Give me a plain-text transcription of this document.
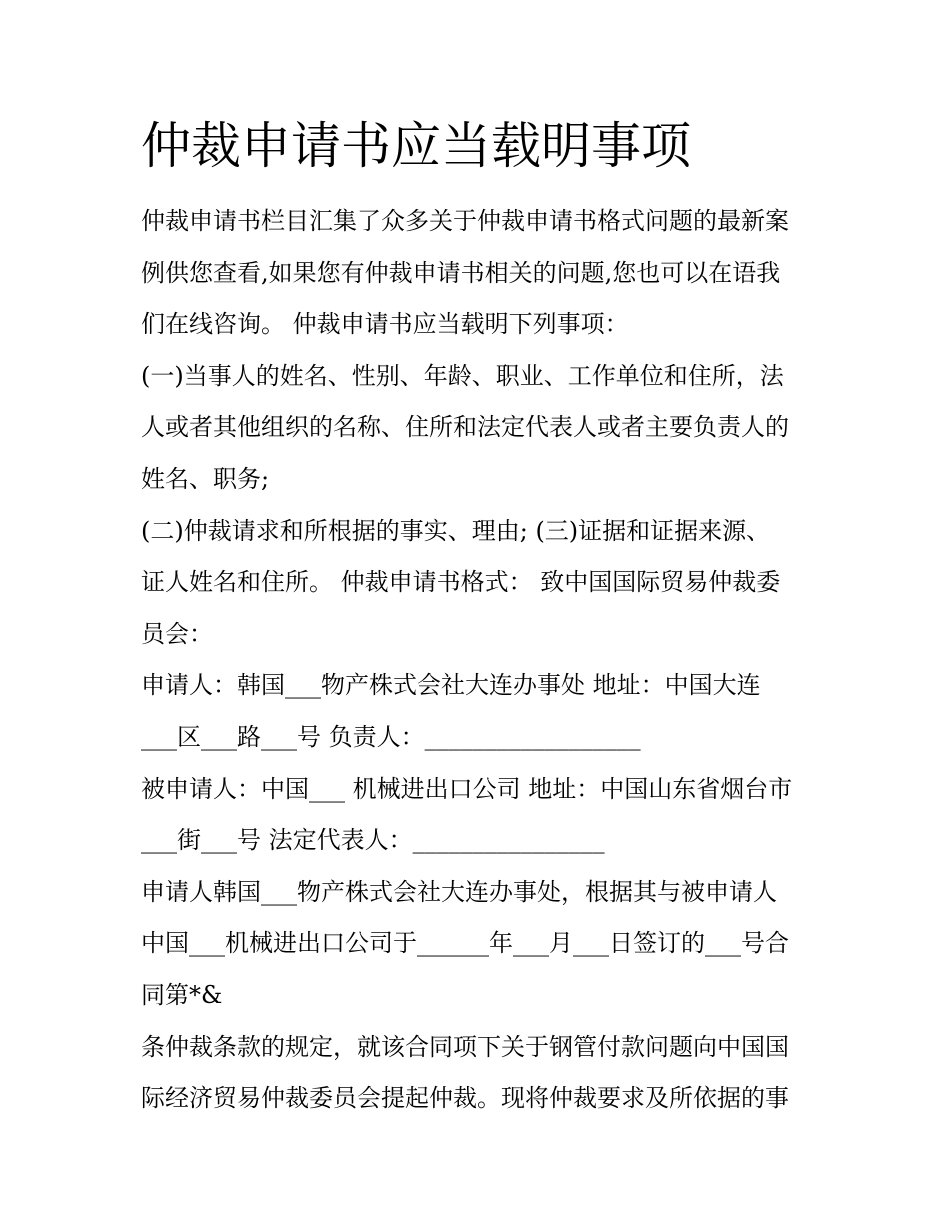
仲裁申请书应当载明事项
仲裁申请书栏目汇集了众多关于仲裁申请书格式问题的最新案
例供您查看,如果您有仲裁申请书相关的问题,您也可以在语我
们在线咨询。 仲裁申请书应当载明下列事项：
(一)当事人的姓名、性别、年龄、职业、工作单位和住所，法
人或者其他组织的名称、住所和法定代表人或者主要负责人的
姓名、职务;
(二)仲裁请求和所根据的事实、理由; (三)证据和证据来源、
证人姓名和住所。 仲裁申请书格式： 致中国国际贸易仲裁委
员会：
申请人：韩国___物产株式会社大连办事处 地址：中国大连
___区___路___号 负责人：__________________
被申请人：中国___ 机械进出口公司 地址：中国山东省烟台市
___街___号 法定代表人：________________
申请人韩国___物产株式会社大连办事处，根据其与被申请人
中国___机械进出口公司于______年___月___日签订的___号合
同第*&
条仲裁条款的规定，就该合同项下关于钢管付款问题向中国国
际经济贸易仲裁委员会提起仲裁。现将仲裁要求及所依据的事
